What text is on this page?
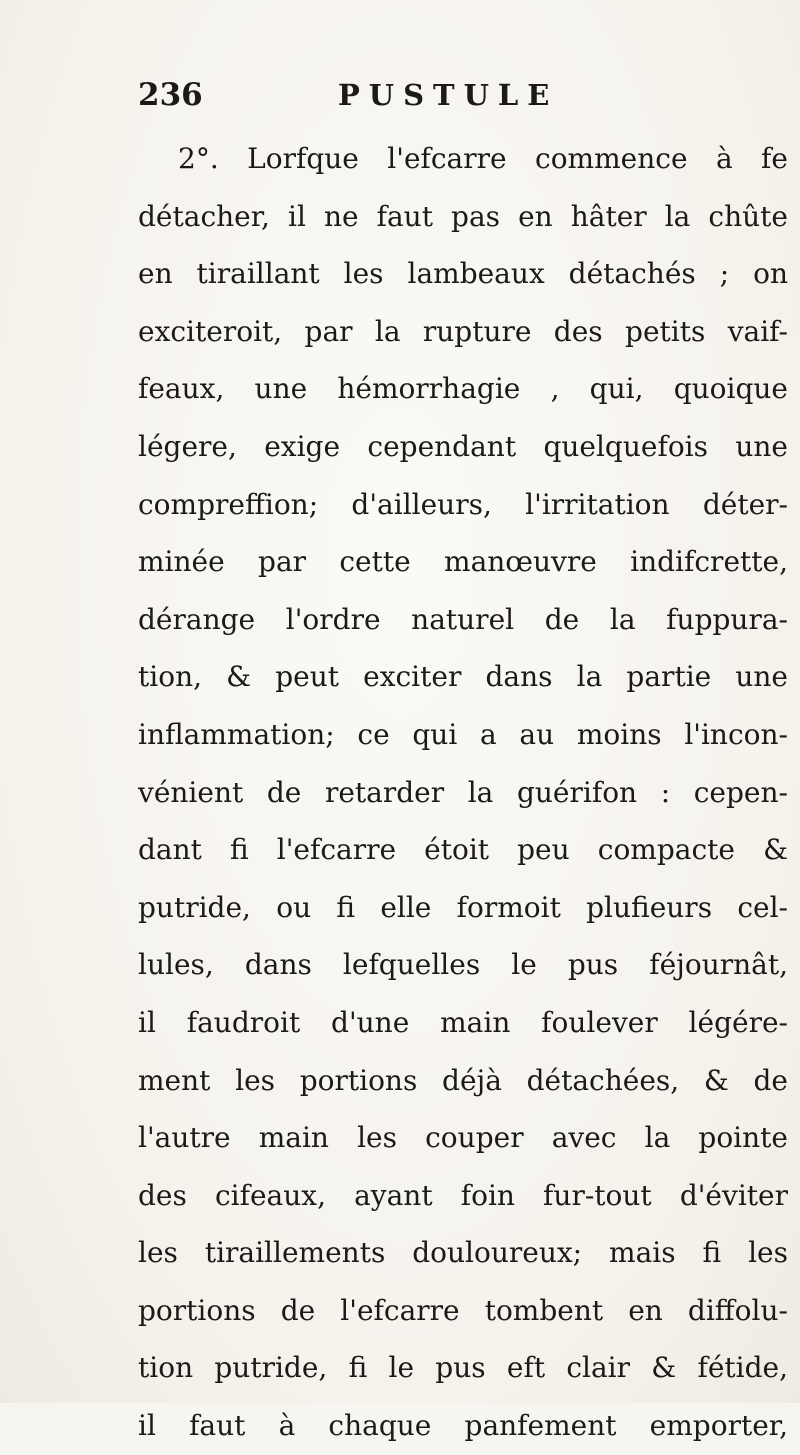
236	PUSTULE
2°. Lorfque l'efcarre commence à fe
détacher, il ne faut pas en hâter la chûte
en tiraillant les lambeaux détachés ; on
exciteroit, par la rupture des petits vaif-
feaux, une hémorrhagie , qui, quoique
légere, exige cependant quelquefois une
compreffion; d'ailleurs, l'irritation déter-
minée par cette manœuvre indifcrette,
dérange l'ordre naturel de la fuppura-
tion, & peut exciter dans la partie une
inflammation; ce qui a au moins l'incon-
vénient de retarder la guérifon : cepen-
dant fi l'efcarre étoit peu compacte &
putride, ou fi elle formoit plufieurs cel-
lules, dans lefquelles le pus féjournât,
il faudroit d'une main foulever légére-
ment les portions déjà détachées, & de
l'autre main les couper avec la pointe
des cifeaux, ayant foin fur-tout d'éviter
les tiraillements douloureux; mais fi les
portions de l'efcarre tombent en diffolu-
tion putride, fi le pus eft clair & fétide,
il faut à chaque panfement emporter,
